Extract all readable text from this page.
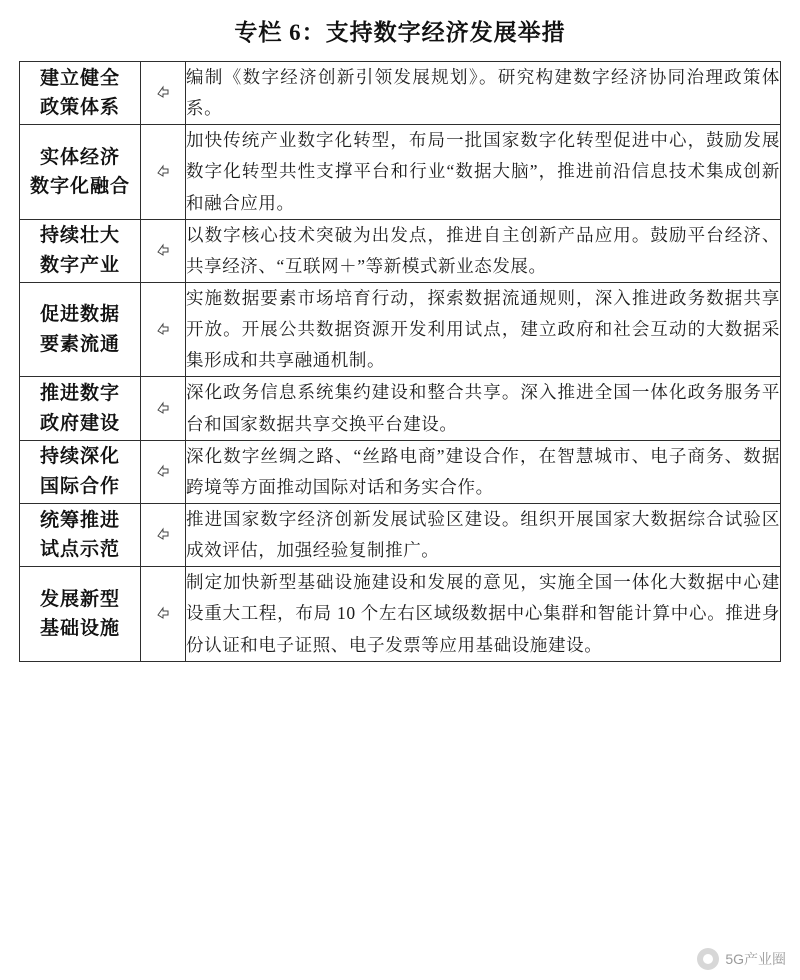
专栏 6：支持数字经济发展举措
建立健全
政策体系		编制《数字经济创新引领发展规划》。研究构建数字经济协同治理政策体系。

实体经济
数字化融合		加快传统产业数字化转型，布局一批国家数字化转型促进中心，鼓励发展数字化转型共性支撑平台和行业“数据大脑”，推进前沿信息技术集成创新和融合应用。

持续壮大
数字产业		以数字核心技术突破为出发点，推进自主创新产品应用。鼓励平台经济、共享经济、“互联网＋”等新模式新业态发展。

促进数据
要素流通		实施数据要素市场培育行动，探索数据流通规则，深入推进政务数据共享开放。开展公共数据资源开发利用试点，建立政府和社会互动的大数据采集形成和共享融通机制。

推进数字
政府建设		深化政务信息系统集约建设和整合共享。深入推进全国一体化政务服务平台和国家数据共享交换平台建设。

持续深化
国际合作		深化数字丝绸之路、“丝路电商”建设合作，在智慧城市、电子商务、数据跨境等方面推动国际对话和务实合作。

统筹推进
试点示范		推进国家数字经济创新发展试验区建设。组织开展国家大数据综合试验区成效评估，加强经验复制推广。

发展新型
基础设施		制定加快新型基础设施建设和发展的意见，实施全国一体化大数据中心建设重大工程，布局 10 个左右区域级数据中心集群和智能计算中心。推进身份认证和电子证照、电子发票等应用基础设施建设。
5G产业圈
